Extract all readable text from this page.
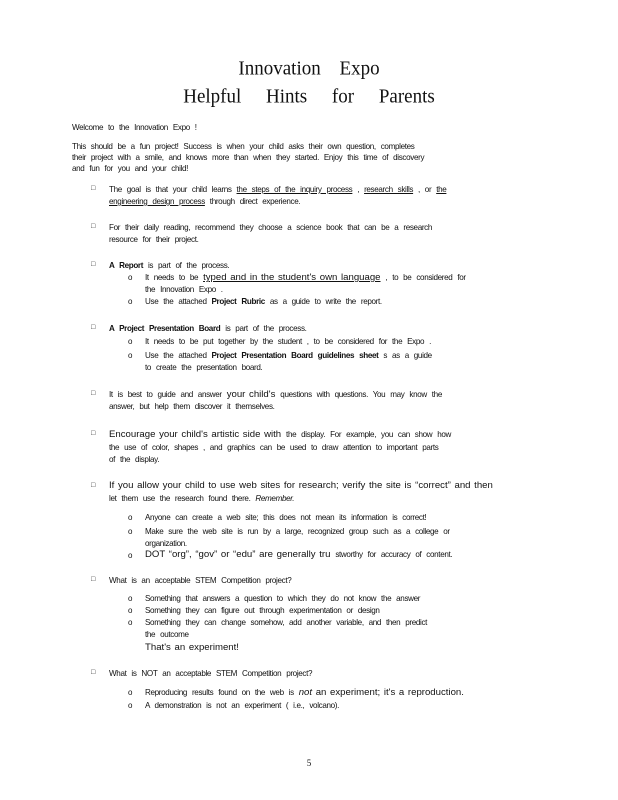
Innovation Expo
Helpful Hints for Parents
Welcome to the Innovation Expo !
This should be a fun project! Success is when your child asks their own question, completes
their project with a smile, and knows more than when they started. Enjoy this time of discovery
and fun for you and your child!
□ The goal is that your child learns the steps of the inquiry process , research skills , or the
engineering design process through direct experience.
□ For their daily reading, recommend they choose a science book that can be a research
resource for their project.
□ A Report is part of the process.
o It needs to be typed and in the student's own language , to be considered for
the Innovation Expo .
o Use the attached Project Rubric as a guide to write the report.
□ A Project Presentation Board is part of the process.
o It needs to be put together by the student , to be considered for the Expo .
o Use the attached Project Presentation Board guidelines sheet s as a guide
to create the presentation board.
□ It is best to guide and answer your child's questions with questions. You may know the
answer, but help them discover it themselves.
□ Encourage your child's artistic side with the display. For example, you can show how
the use of color, shapes , and graphics can be used to draw attention to important parts
of the display.
□ If you allow your child to use web sites for research; verify the site is “correct” and then
let them use the research found there. Remember.
o Anyone can create a web site; this does not mean its information is correct!
o Make sure the web site is run by a large, recognized group such as a college or
organization.
o DOT “org”, “gov” or “edu” are generally tru stworthy for accuracy of content.
□ What is an acceptable STEM Competition project?
o Something that answers a question to which they do not know the answer
o Something they can figure out through experimentation or design
o Something they can change somehow, add another variable, and then predict
the outcome
That's an experiment!
□ What is NOT an acceptable STEM Competition project?
o Reproducing results found on the web is not an experiment; it's a reproduction.
o A demonstration is not an experiment ( i.e., volcano).
5
